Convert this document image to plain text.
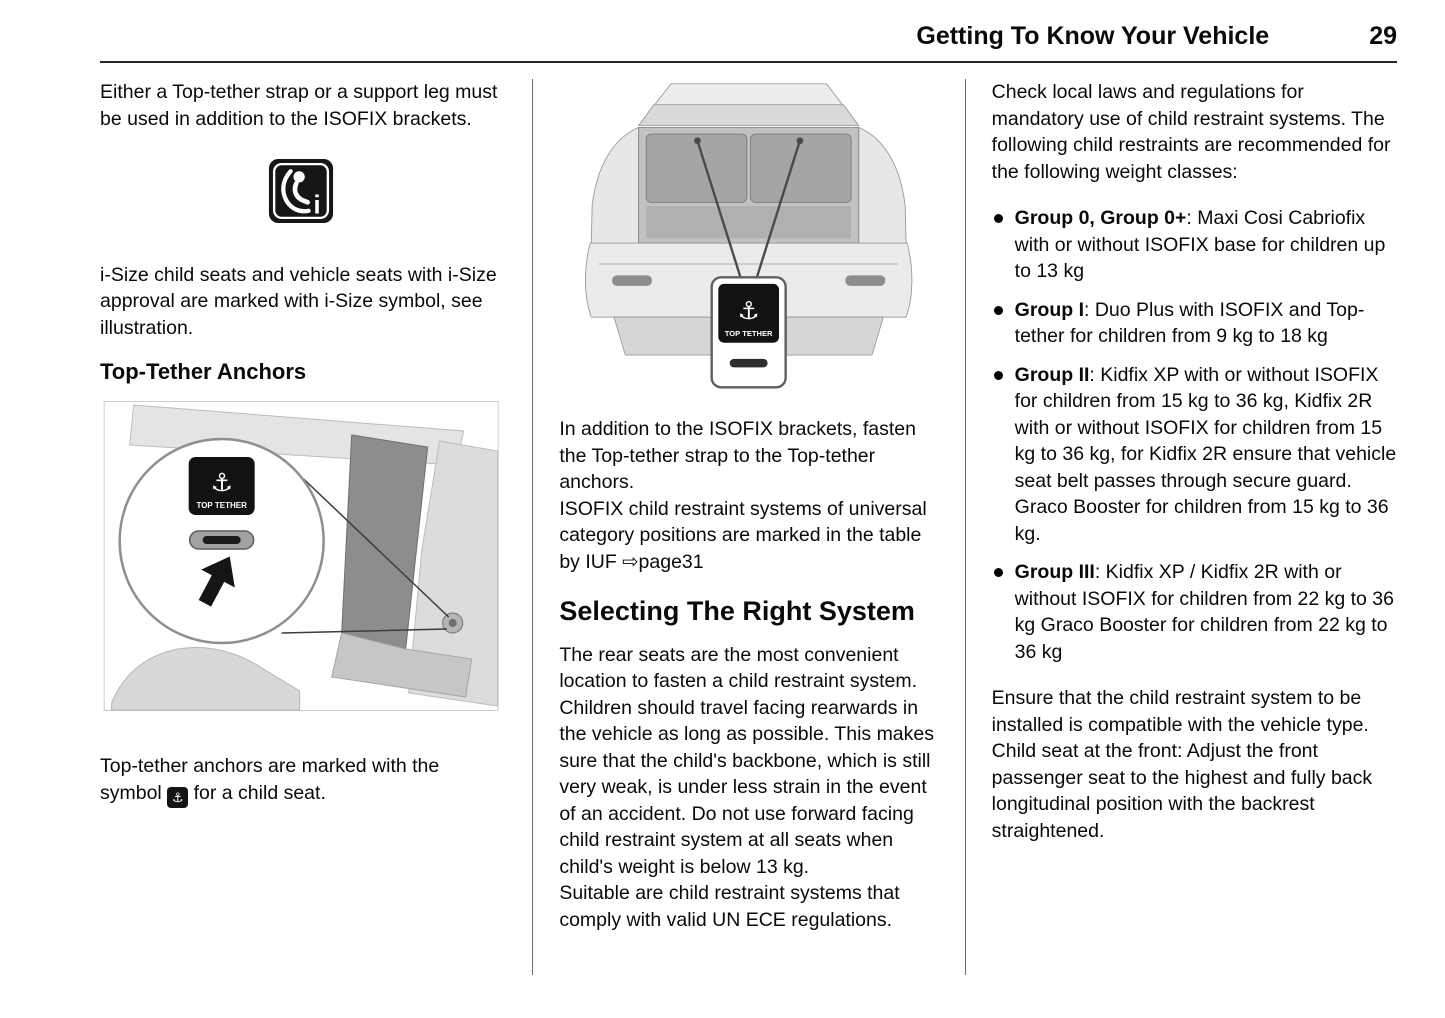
Getting To Know Your Vehicle	29

Either a Top-tether strap or a support leg must be used in addition to the ISOFIX brackets.

i

i-Size child seats and vehicle seats with i-Size approval are marked with i-Size symbol, see illustration.

Top-Tether Anchors
⚓
TOP TETHER

Top-tether anchors are marked with the symbol ⚓ for a child seat.

⚓
TOP TETHER

In addition to the ISOFIX brackets, fasten the Top-tether strap to the Top-tether anchors.

ISOFIX child restraint systems of universal category positions are marked in the table by IUF ⇨page31

Selecting The Right System

The rear seats are the most convenient location to fasten a child restraint system. Children should travel facing rearwards in the vehicle as long as possible. This makes sure that the child's backbone, which is still very weak, is under less strain in the event of an accident. Do not use forward facing child restraint system at all seats when child's weight is below 13 kg.

Suitable are child restraint systems that comply with valid UN ECE regulations.

Check local laws and regulations for mandatory use of child restraint systems. The following child restraints are recommended for the following weight classes:

Group 0, Group 0+: Maxi Cosi Cabriofix with or without ISOFIX base for children up to 13 kg
Group I: Duo Plus with ISOFIX and Top-tether for children from 9 kg to 18 kg
Group II: Kidfix XP with or without ISOFIX for children from 15 kg to 36 kg, Kidfix 2R with or without ISOFIX for children from 15 kg to 36 kg, for Kidfix 2R ensure that vehicle seat belt passes through secure guard.
Graco Booster for children from 15 kg to 36 kg.
Group III: Kidfix XP / Kidfix 2R with or without ISOFIX for children from 22 kg to 36 kg Graco Booster for children from 22 kg to 36 kg

Ensure that the child restraint system to be installed is compatible with the vehicle type.

Child seat at the front: Adjust the front passenger seat to the highest and fully back longitudinal position with the backrest straightened.
